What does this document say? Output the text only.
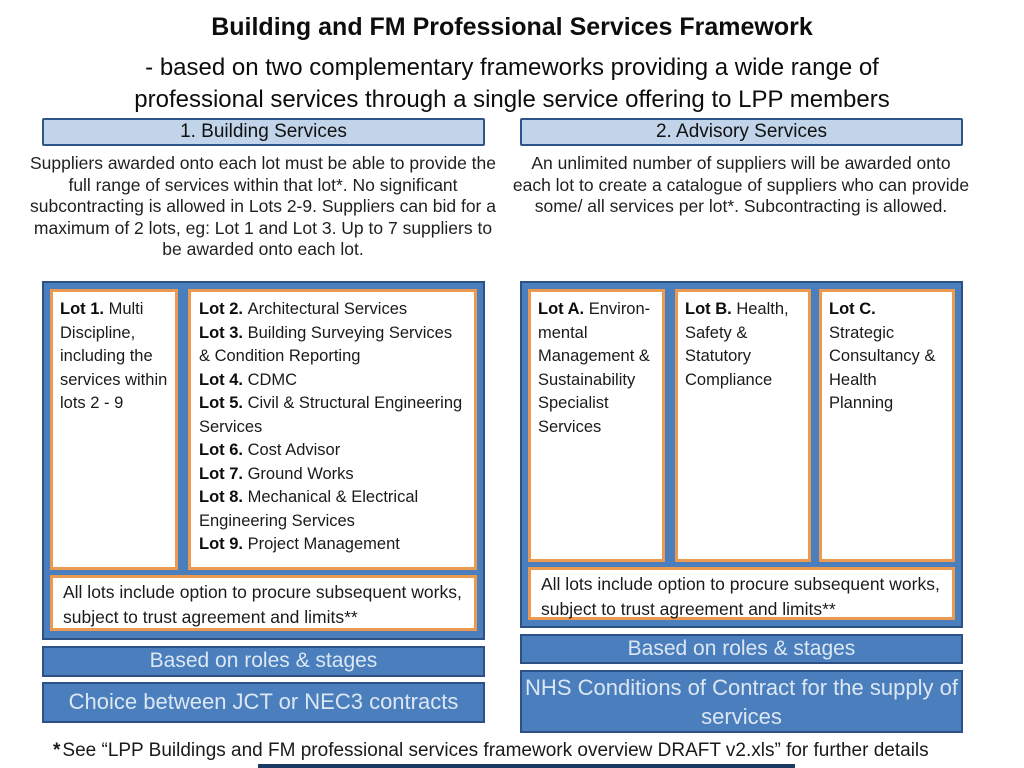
Building and FM Professional Services Framework
- based on two complementary frameworks providing a wide range of
professional services through a single service offering to LPP members
1. Building Services	2. Advisory Services
Suppliers awarded onto each lot must be able to provide the full range of services within that lot*. No significant subcontracting is allowed in Lots 2-9. Suppliers can bid for a maximum of 2 lots, eg: Lot 1 and Lot 3. Up to 7 suppliers to be awarded onto each lot.
An unlimited number of suppliers will be awarded onto each lot to create a catalogue of suppliers who can provide some/ all services per lot*. Subcontracting is allowed.
Lot 1. Multi Discipline, including the services within lots 2 - 9
Lot 2. Architectural Services
Lot 3. Building Surveying Services & Condition Reporting
Lot 4. CDMC
Lot 5. Civil & Structural Engineering Services
Lot 6. Cost Advisor
Lot 7. Ground Works
Lot 8. Mechanical & Electrical Engineering Services
Lot 9. Project Management
All lots include option to procure subsequent works, subject to trust agreement and limits**
Lot A. Environ-mental Management & Sustainability Specialist Services
Lot B. Health, Safety & Statutory Compliance
Lot C.Strategic Consultancy & Health Planning
All lots include option to procure subsequent works, subject to trust agreement and limits**
Based on roles & stages
Choice between JCT or NEC3 contracts
Based on roles & stages
NHS Conditions of Contract for the supply of services
* See “LPP Buildings and FM professional services framework overview DRAFT v2.xls” for further details
